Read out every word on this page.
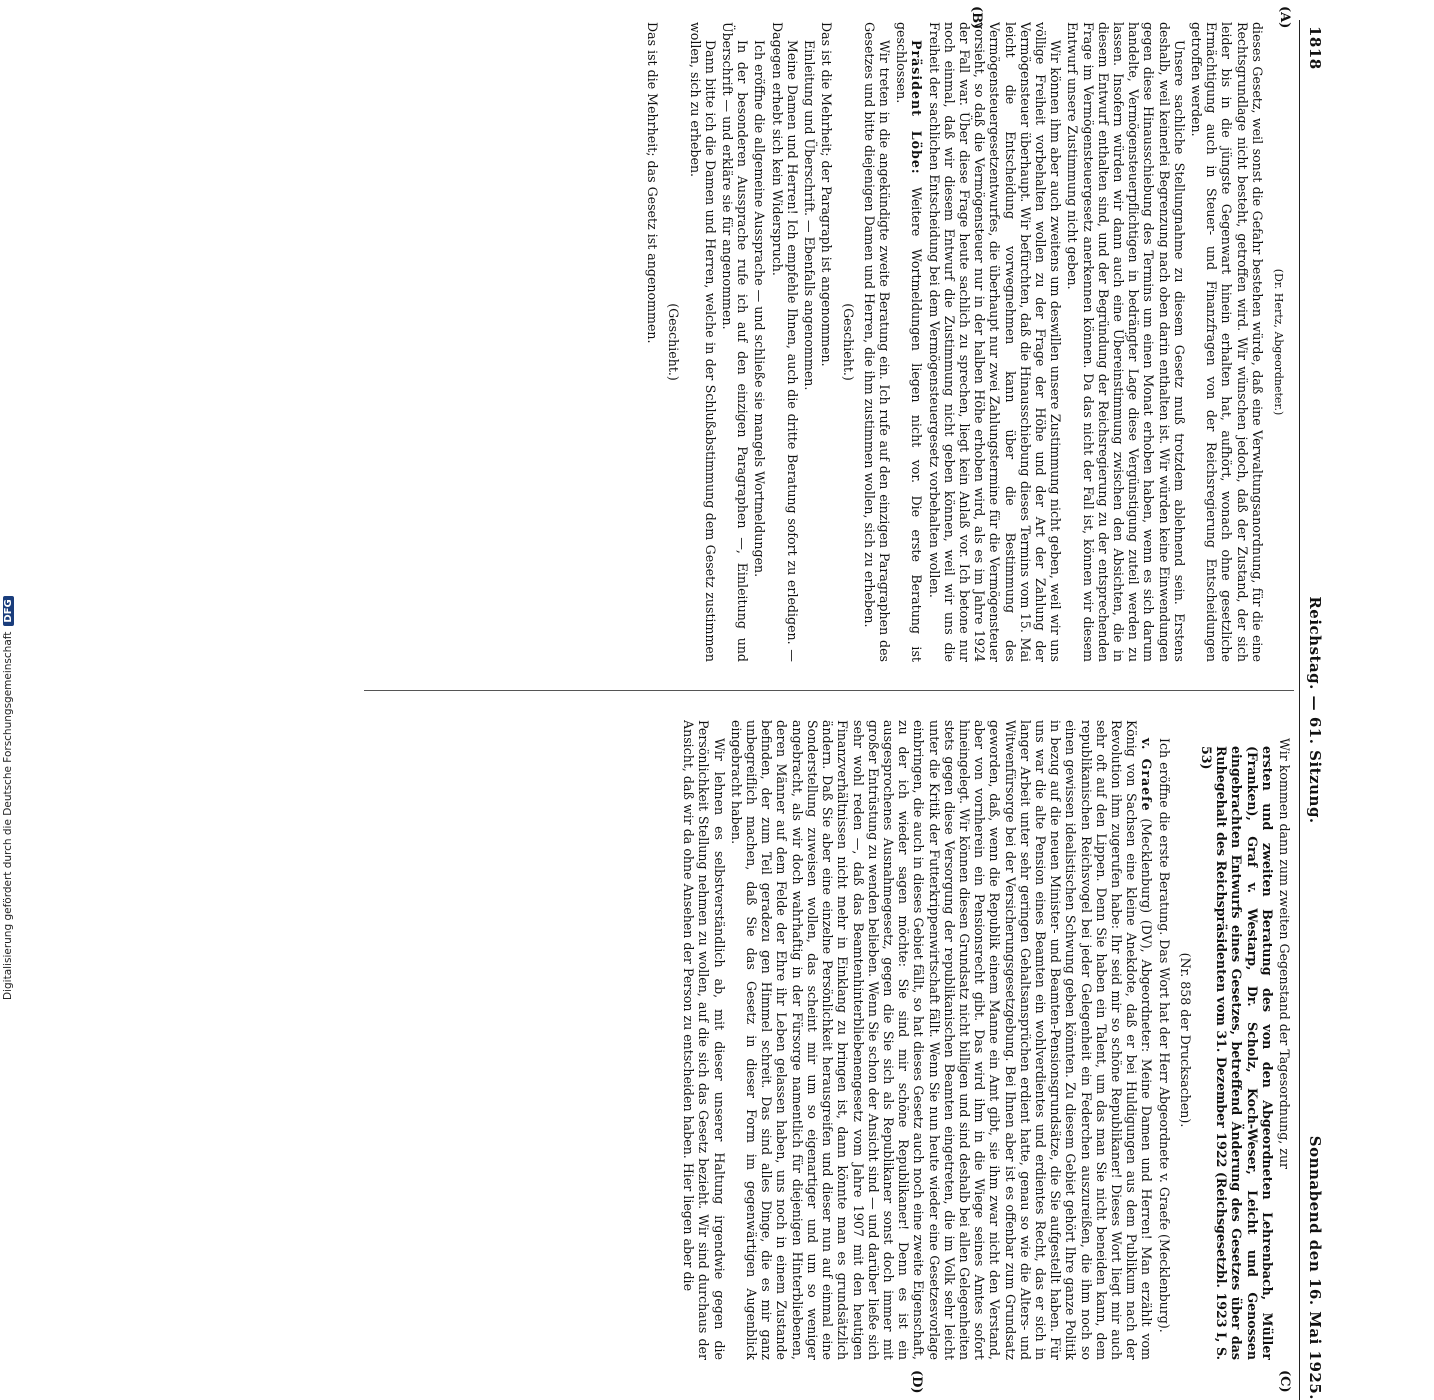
1818
Reichstag. — 61. Sitzung.
Sonnabend den 16. Mai 1925.
(A)
(B)
(C)
(D)

(Dr. Hertz, Abgeordneter.)

dieses Gesetz, weil sonst die Gefahr bestehen würde, daß eine Verwaltungsanordnung, für die eine Rechtsgrundlage nicht besteht, getroffen wird. Wir wünschen jedoch, daß der Zustand, der sich leider bis in die jüngste Gegenwart hinein erhalten hat, aufhört, wonach ohne gesetzliche Ermächtigung auch in Steuer- und Finanzfragen von der Reichsregierung Entscheidungen getroffen werden.

Unsere sachliche Stellungnahme zu diesem Gesetz muß trotzdem ablehnend sein. Erstens deshalb, weil keinerlei Begrenzung nach oben darin enthalten ist. Wir würden keine Einwendungen gegen diese Hinausschiebung des Termins um einen Monat erhoben haben, wenn es sich darum handelte, Vermögensteuerpflichtigen in bedrängter Lage diese Vergünstigung zuteil werden zu lassen. Insofern würden wir dann auch eine Übereinstimmung zwischen den Absichten, die in diesem Entwurf enthalten sind, und der Begründung der Reichsregierung zu der entsprechenden Frage im Vermögensteuergesetz anerkennen können. Da das nicht der Fall ist, können wir diesem Entwurf unsere Zustimmung nicht geben.

Wir können ihm aber auch zweitens um deswillen unsere Zustimmung nicht geben, weil wir uns völlige Freiheit vorbehalten wollen zu der Frage der Höhe und der Art der Zahlung der Vermögensteuer überhaupt. Wir befürchten, daß die Hinausschiebung dieses Termins vom 15. Mai leicht die Entscheidung vorwegnehmen kann über die Bestimmung des Vermögensteuergesetzentwurfes, die überhaupt nur zwei Zahlungstermine für die Vermögensteuer vorsieht, so daß die Vermögensteuer nur in der halben Höhe erhoben wird, als es im Jahre 1924 der Fall war. Über diese Frage heute sachlich zu sprechen, liegt kein Anlaß vor. Ich betone nur noch einmal, daß wir diesem Entwurf die Zustimmung nicht geben können, weil wir uns die Freiheit der sachlichen Entscheidung bei dem Vermögensteuergesetz vorbehalten wollen.

Präsident Löbe: Weitere Wortmeldungen liegen nicht vor. Die erste Beratung ist geschlossen.

Wir treten in die angekündigte zweite Beratung ein. Ich rufe auf den einzigen Paragraphen des Gesetzes und bitte diejenigen Damen und Herren, die ihm zustimmen wollen, sich zu erheben.

(Geschieht.)

Das ist die Mehrheit; der Paragraph ist angenommen.

Einleitung und Überschrift. — Ebenfalls angenommen.

Meine Damen und Herren! Ich empfehle Ihnen, auch die dritte Beratung sofort zu erledigen. — Dagegen erhebt sich kein Widerspruch.

Ich eröffne die allgemeine Aussprache — und schließe sie mangels Wortmeldungen.

In der besonderen Aussprache rufe ich auf den einzigen Paragraphen —, Einleitung und Überschrift — und erkläre sie für angenommen.

Dann bitte ich die Damen und Herren, welche in der Schlußabstimmung dem Gesetz zustimmen wollen, sich zu erheben.

(Geschieht.)

Das ist die Mehrheit; das Gesetz ist angenommen.

Wir kommen dann zum zweiten Gegenstand der Tagesordnung, zur

ersten und zweiten Beratung des von den Abgeordneten Lehrenbach, Müller (Franken), Graf v. Westarp, Dr. Scholz, Koch-Weser, Leicht und Genossen eingebrachten Entwurfs eines Gesetzes, betreffend Änderung des Gesetzes über das Ruhegehalt des Reichspräsidenten vom 31. Dezember 1922 (Reichsgesetzbl. 1923 I, S. 53)

(Nr. 858 der Drucksachen).

Ich eröffne die erste Beratung. Das Wort hat der Herr Abgeordnete v. Graefe (Mecklenburg).

v. Graefe (Mecklenburg) (DV), Abgeordneter: Meine Damen und Herren! Man erzählt vom König von Sachsen eine kleine Anekdote, daß er bei Huldigungen aus dem Publikum nach der Revolution ihm zugerufen habe: Ihr seid mir so schöne Republikaner! Dieses Wort liegt mir auch sehr oft auf den Lippen. Denn Sie haben ein Talent, um das man Sie nicht beneiden kann, dem republikanischen Reichsvogel bei jeder Gelegenheit ein Federchen auszureißen, die ihm noch so einen gewissen idealistischen Schwung geben könnten. Zu diesem Gebiet gehört Ihre ganze Politik in bezug auf die neuen Minister- und Beamten-Pensionsgrundsätze, die Sie aufgestellt haben. Für uns war die alte Pension eines Beamten ein wohlverdientes und erdientes Recht, das er sich in langer Arbeit unter sehr geringen Gehaltsansprüchen erdient hatte, genau so wie die Alters- und Witwenfürsorge bei der Versicherungsgesetzgebung. Bei Ihnen aber ist es offenbar zum Grundsatz geworden, daß, wenn die Republik einem Manne ein Amt gibt, sie ihm zwar nicht den Verstand, aber von vornherein ein Pensionsrecht gibt. Das wird ihm in die Wiege seines Amtes sofort hineingelegt. Wir können diesen Grundsatz nicht billigen und sind deshalb bei allen Gelegenheiten stets gegen diese Versorgung der republikanischen Beamten eingetreten, die im Volk sehr leicht unter die Kritik der Futterkrippenwirtschaft fällt. Wenn Sie nun heute wieder eine Gesetzesvorlage einbringen, die auch in dieses Gebiet fällt, so hat dieses Gesetz auch noch eine zweite Eigenschaft, zu der ich wieder sagen möchte: Sie sind mir schöne Republikaner! Denn es ist ein ausgesprochenes Ausnahmegesetz, gegen die Sie sich als Republikaner sonst doch immer mit großer Entrüstung zu wenden belieben. Wenn Sie schon der Ansicht sind — und darüber ließe sich sehr wohl reden —, daß das Beamtenhinterbliebenengesetz vom Jahre 1907 mit den heutigen Finanzverhältnissen nicht mehr in Einklang zu bringen ist, dann könnte man es grundsätzlich ändern. Daß Sie aber eine einzelne Persönlichkeit herausgreifen und dieser nun auf einmal eine Sonderstellung zuweisen wollen, das scheint mir um so eigenartiger und um so weniger angebracht, als wir doch wahrhaftig in der Fürsorge namentlich für diejenigen Hinterbliebenen, deren Männer auf dem Felde der Ehre ihr Leben gelassen haben, uns noch in einem Zustande befinden, der zum Teil geradezu gen Himmel schreit. Das sind alles Dinge, die es mir ganz unbegreiflich machen, daß Sie das Gesetz in dieser Form im gegenwärtigen Augenblick eingebracht haben.

Wir lehnen es selbstverständlich ab, mit dieser unserer Haltung irgendwie gegen die Persönlichkeit Stellung nehmen zu wollen, auf die sich das Gesetz bezieht. Wir sind durchaus der Ansicht, daß wir da ohne Ansehen der Person zu entscheiden haben. Hier liegen aber die

Digitalisierung gefördert durch die Deutsche ForschungsgemeinschaftDFG
